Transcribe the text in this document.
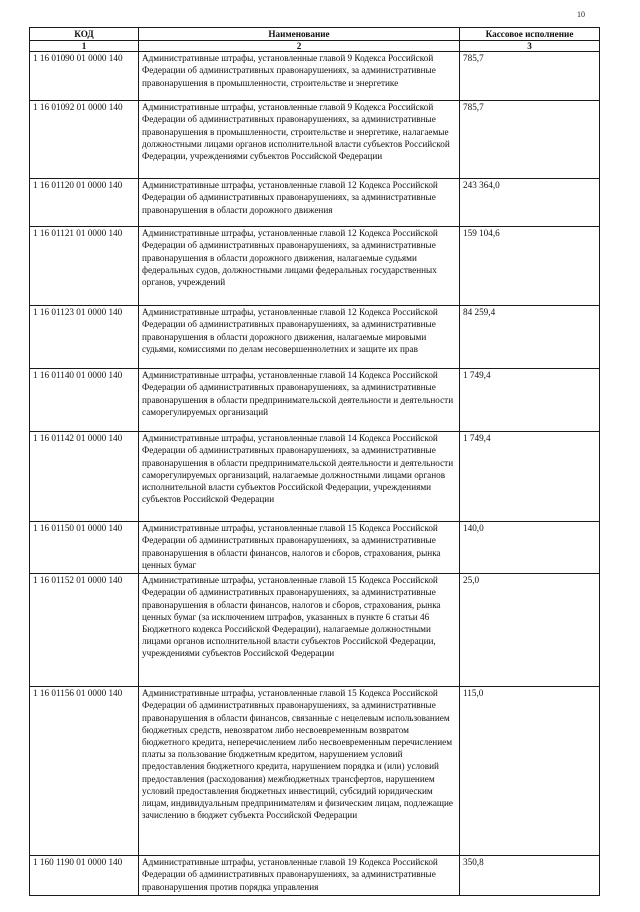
10
КОД	Наименование	Кассовое исполнение
1	2	3
1 16 01090 01 0000 140	Административные штрафы, установленные главой 9 Кодекса Российской Федерации об административных правонарушениях, за административные правонарушения в промышленности, строительстве и энергетике	785,7
1 16 01092 01 0000 140	Административные штрафы, установленные главой 9 Кодекса Российской Федерации об административных правонарушениях, за административные правонарушения в промышленности, строительстве и энергетике, налагаемые должностными лицами органов исполнительной власти субъектов Российской Федерации, учреждениями субъектов Российской Федерации	785,7
1 16 01120 01 0000 140	Административные штрафы, установленные главой 12 Кодекса Российской Федерации об административных правонарушениях, за административные правонарушения в области дорожного движения	243 364,0
1 16 01121 01 0000 140	Административные штрафы, установленные главой 12 Кодекса Российской Федерации об административных правонарушениях, за административные правонарушения в области дорожного движения, налагаемые судьями федеральных судов, должностными лицами федеральных государственных органов, учреждений	159 104,6
1 16 01123 01 0000 140	Административные штрафы, установленные главой 12 Кодекса Российской Федерации об административных правонарушениях, за административные правонарушения в области дорожного движения, налагаемые мировыми судьями, комиссиями по делам несовершеннолетних и защите их прав	84 259,4
1 16 01140 01 0000 140	Административные штрафы, установленные главой 14 Кодекса Российской Федерации об административных правонарушениях, за административные правонарушения в области предпринимательской деятельности и деятельности саморегулируемых организаций	1 749,4
1 16 01142 01 0000 140	Административные штрафы, установленные главой 14 Кодекса Российской Федерации об административных правонарушениях, за административные правонарушения в области предпринимательской деятельности и деятельности саморегулируемых организаций, налагаемые должностными лицами органов исполнительной власти субъектов Российской Федерации, учреждениями субъектов Российской Федерации	1 749,4
1 16 01150 01 0000 140	Административные штрафы, установленные главой 15 Кодекса Российской Федерации об административных правонарушениях, за административные правонарушения в области финансов, налогов и сборов, страхования, рынка ценных бумаг	140,0
1 16 01152 01 0000 140	Административные штрафы, установленные главой 15 Кодекса Российской Федерации об административных правонарушениях, за административные правонарушения в области финансов, налогов и сборов, страхования, рынка ценных бумаг (за исключением штрафов, указанных в пункте 6 статьи 46 Бюджетного кодекса Российской Федерации), налагаемые должностными лицами органов исполнительной власти субъектов Российской Федерации, учреждениями субъектов Российской Федерации	25,0
1 16 01156 01 0000 140	Административные штрафы, установленные главой 15 Кодекса Российской Федерации об административных правонарушениях, за административные правонарушения в области финансов, связанные с нецелевым использованием бюджетных средств, невозвратом либо несвоевременным возвратом бюджетного кредита, неперечислением либо несвоевременным перечислением платы за пользование бюджетным кредитом, нарушением условий предоставления бюджетного кредита, нарушением порядка и (или) условий предоставления (расходования) межбюджетных трансфертов, нарушением условий предоставления бюджетных инвестиций, субсидий юридическим лицам, индивидуальным предпринимателям и физическим лицам, подлежащие зачислению в бюджет субъекта Российской Федерации	115,0
1 160 1190 01 0000 140	Административные штрафы, установленные главой 19 Кодекса Российской Федерации об административных правонарушениях, за административные правонарушения против порядка управления	350,8
